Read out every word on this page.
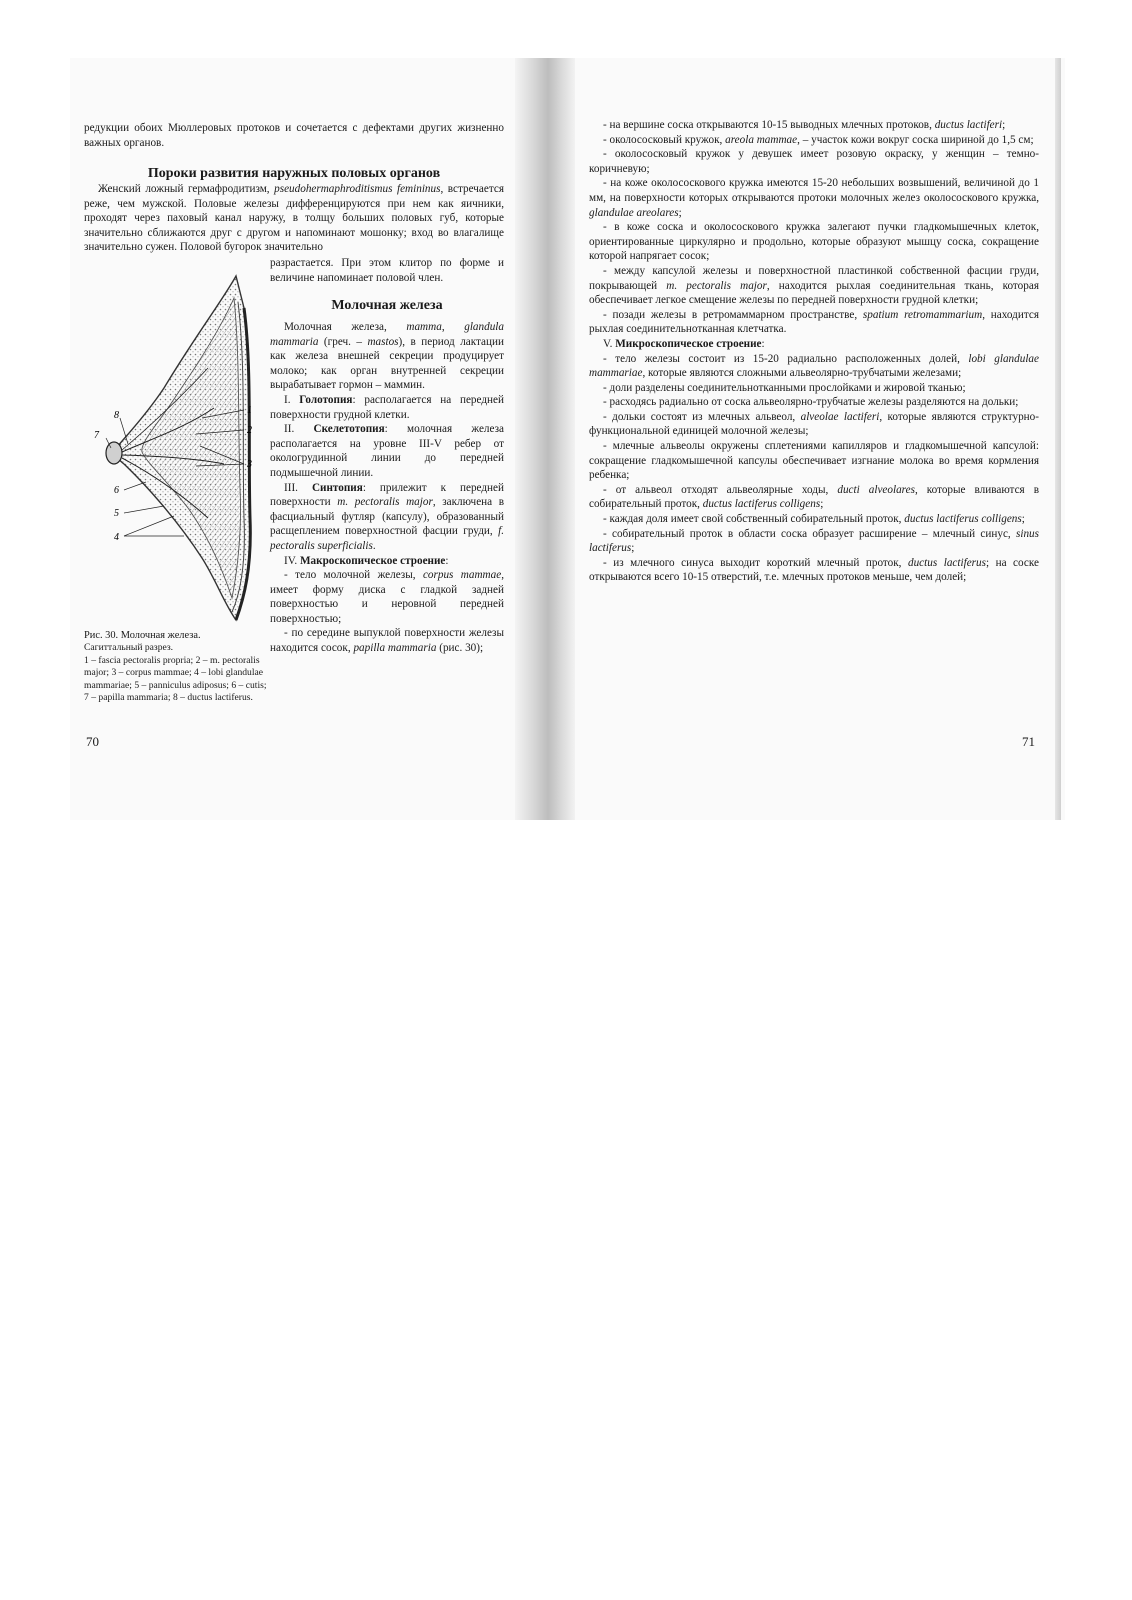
редукции обоих Мюллеровых протоков и сочетается с дефектами других жизненно важных органов.

Пороки развития наружных половых органов

Женский ложный гермафродитизм, pseudohermaphroditismus femininus, встречается реже, чем мужской. Половые железы дифференцируются при нем как яичники, проходят через паховый канал наружу, в толщу больших половых губ, которые значительно сближаются друг с другом и напоминают мошонку; вход во влагалище значительно сужен. Половой бугорок значительно

разрастается. При этом клитор по форме и величине напоминает половой член.

1
2
3
4
5
6
7
8

Рис. 30. Молочная железа.
Сагиттальный разрез.
1 – fascia pectoralis propria; 2 – m. pectoralis major; 3 – corpus mammae; 4 – lobi glandulae mammariae; 5 – panniculus adiposus; 6 – cutis; 7 – papilla mammaria; 8 – ductus lactiferus.

Молочная железа

Молочная железа, mamma, glandula mammaria (греч. – mastos), в период лактации как железа внешней секреции продуцирует молоко; как орган внутренней секреции вырабатывает гормон – маммин.

I. Голотопия: располагается на передней поверхности грудной клетки.

II. Скелетотопия: молочная железа располагается на уровне III-V ребер от окологрудинной линии до передней подмышечной линии.

III. Синтопия: прилежит к передней поверхности m. pectoralis major, заключена в фасциальный футляр (капсулу), образованный расщеплением поверхностной фасции груди, f. pectoralis superficialis.

IV. Макроскопическое строение:

- тело молочной железы, corpus mammae, имеет форму диска с гладкой задней поверхностью и неровной передней поверхностью;

- по середине выпуклой поверхности железы находится сосок, papilla mammaria (рис. 30);

70

- на вершине соска открываются 10-15 выводных млечных протоков, ductus lactiferi;

- околососковый кружок, areola mammae, – участок кожи вокруг соска шириной до 1,5 см;

- околососковый кружок у девушек имеет розовую окраску, у женщин – темно-коричневую;

- на коже околососкового кружка имеются 15-20 небольших возвышений, величиной до 1 мм, на поверхности которых открываются протоки молочных желез околососкового кружка, glandulae areolares;

- в коже соска и околососкового кружка залегают пучки гладкомышечных клеток, ориентированные циркулярно и продольно, которые образуют мышцу соска, сокращение которой напрягает сосок;

- между капсулой железы и поверхностной пластинкой собственной фасции груди, покрывающей m. pectoralis major, находится рыхлая соединительная ткань, которая обеспечивает легкое смещение железы по передней поверхности грудной клетки;

- позади железы в ретромаммарном пространстве, spatium retromammarium, находится рыхлая соединительнотканная клетчатка.

V. Микроскопическое строение:

- тело железы состоит из 15-20 радиально расположенных долей, lobi glandulae mammariae, которые являются сложными альвеолярно-трубчатыми железами;

- доли разделены соединительнотканными прослойками и жировой тканью;

- расходясь радиально от соска альвеолярно-трубчатые железы разделяются на дольки;

- дольки состоят из млечных альвеол, alveolae lactiferi, которые являются структурно-функциональной единицей молочной железы;

- млечные альвеолы окружены сплетениями капилляров и гладкомышечной капсулой: сокращение гладкомышечной капсулы обеспечивает изгнание молока во время кормления ребенка;

- от альвеол отходят альвеолярные ходы, ducti alveolares, которые вливаются в собирательный проток, ductus lactiferus colligens;

- каждая доля имеет свой собственный собирательный проток, ductus lactiferus colligens;

- собирательный проток в области соска образует расширение – млечный синус, sinus lactiferus;

- из млечного синуса выходит короткий млечный проток, ductus lactiferus; на соске открываются всего 10-15 отверстий, т.е. млечных протоков меньше, чем долей;

71
